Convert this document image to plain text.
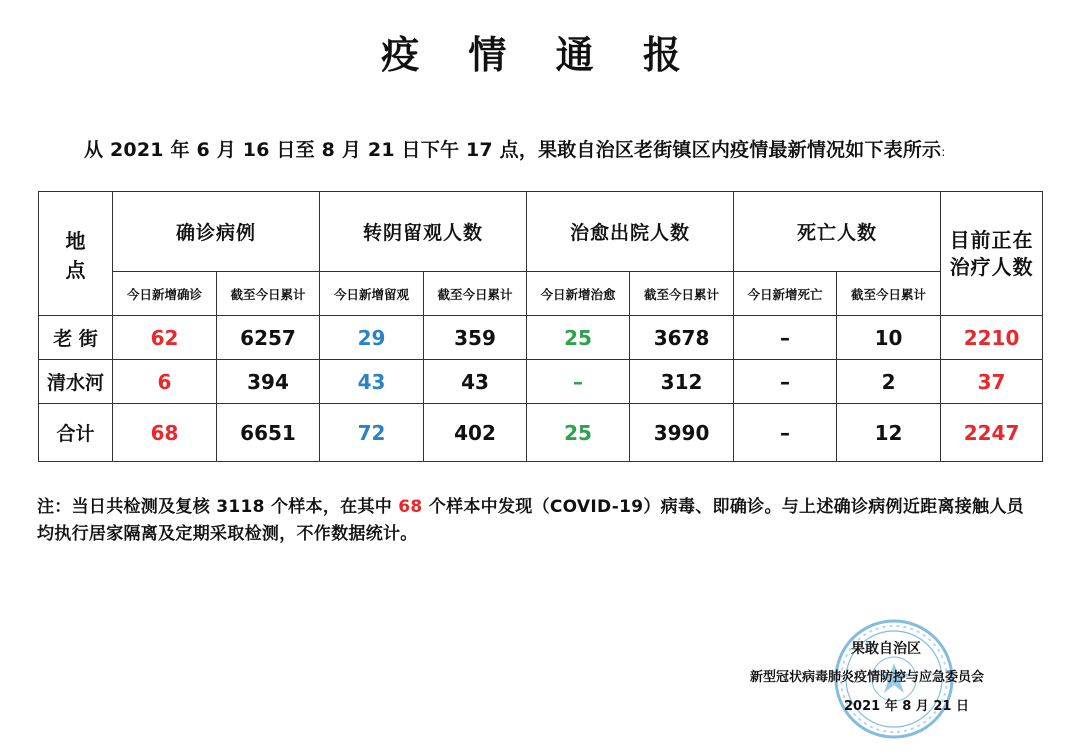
疫 情 通 报
从 2021 年 6 月 16 日至 8 月 21 日下午 17 点，果敢自治区老街镇区内疫情最新情况如下表所示:
地 点	确诊病例		转阴留观人数		治愈出院人数		死亡人数		目前正在
治疗人数

	今日新增确诊	截至今日累计	今日新增留观	截至今日累计	今日新增治愈	截至今日累计	今日新增死亡	截至今日累计	
老 街	62	6257	29	359	25	3678	–	10	2210
清水河	6	394	43	43	–	312	–	2	37
合计	68	6651	72	402	25	3990	–	12	2247
注：当日共检测及复核 3118 个样本，在其中 68 个样本中发现（COVID-19）病毒、即确诊。与上述确诊病例近距离接触人员 均执行居家隔离及定期采取检测，不作数据统计。
果敢自治区
新型冠状病毒肺炎疫情防控与应急委员会
2021 年 8 月 21 日
